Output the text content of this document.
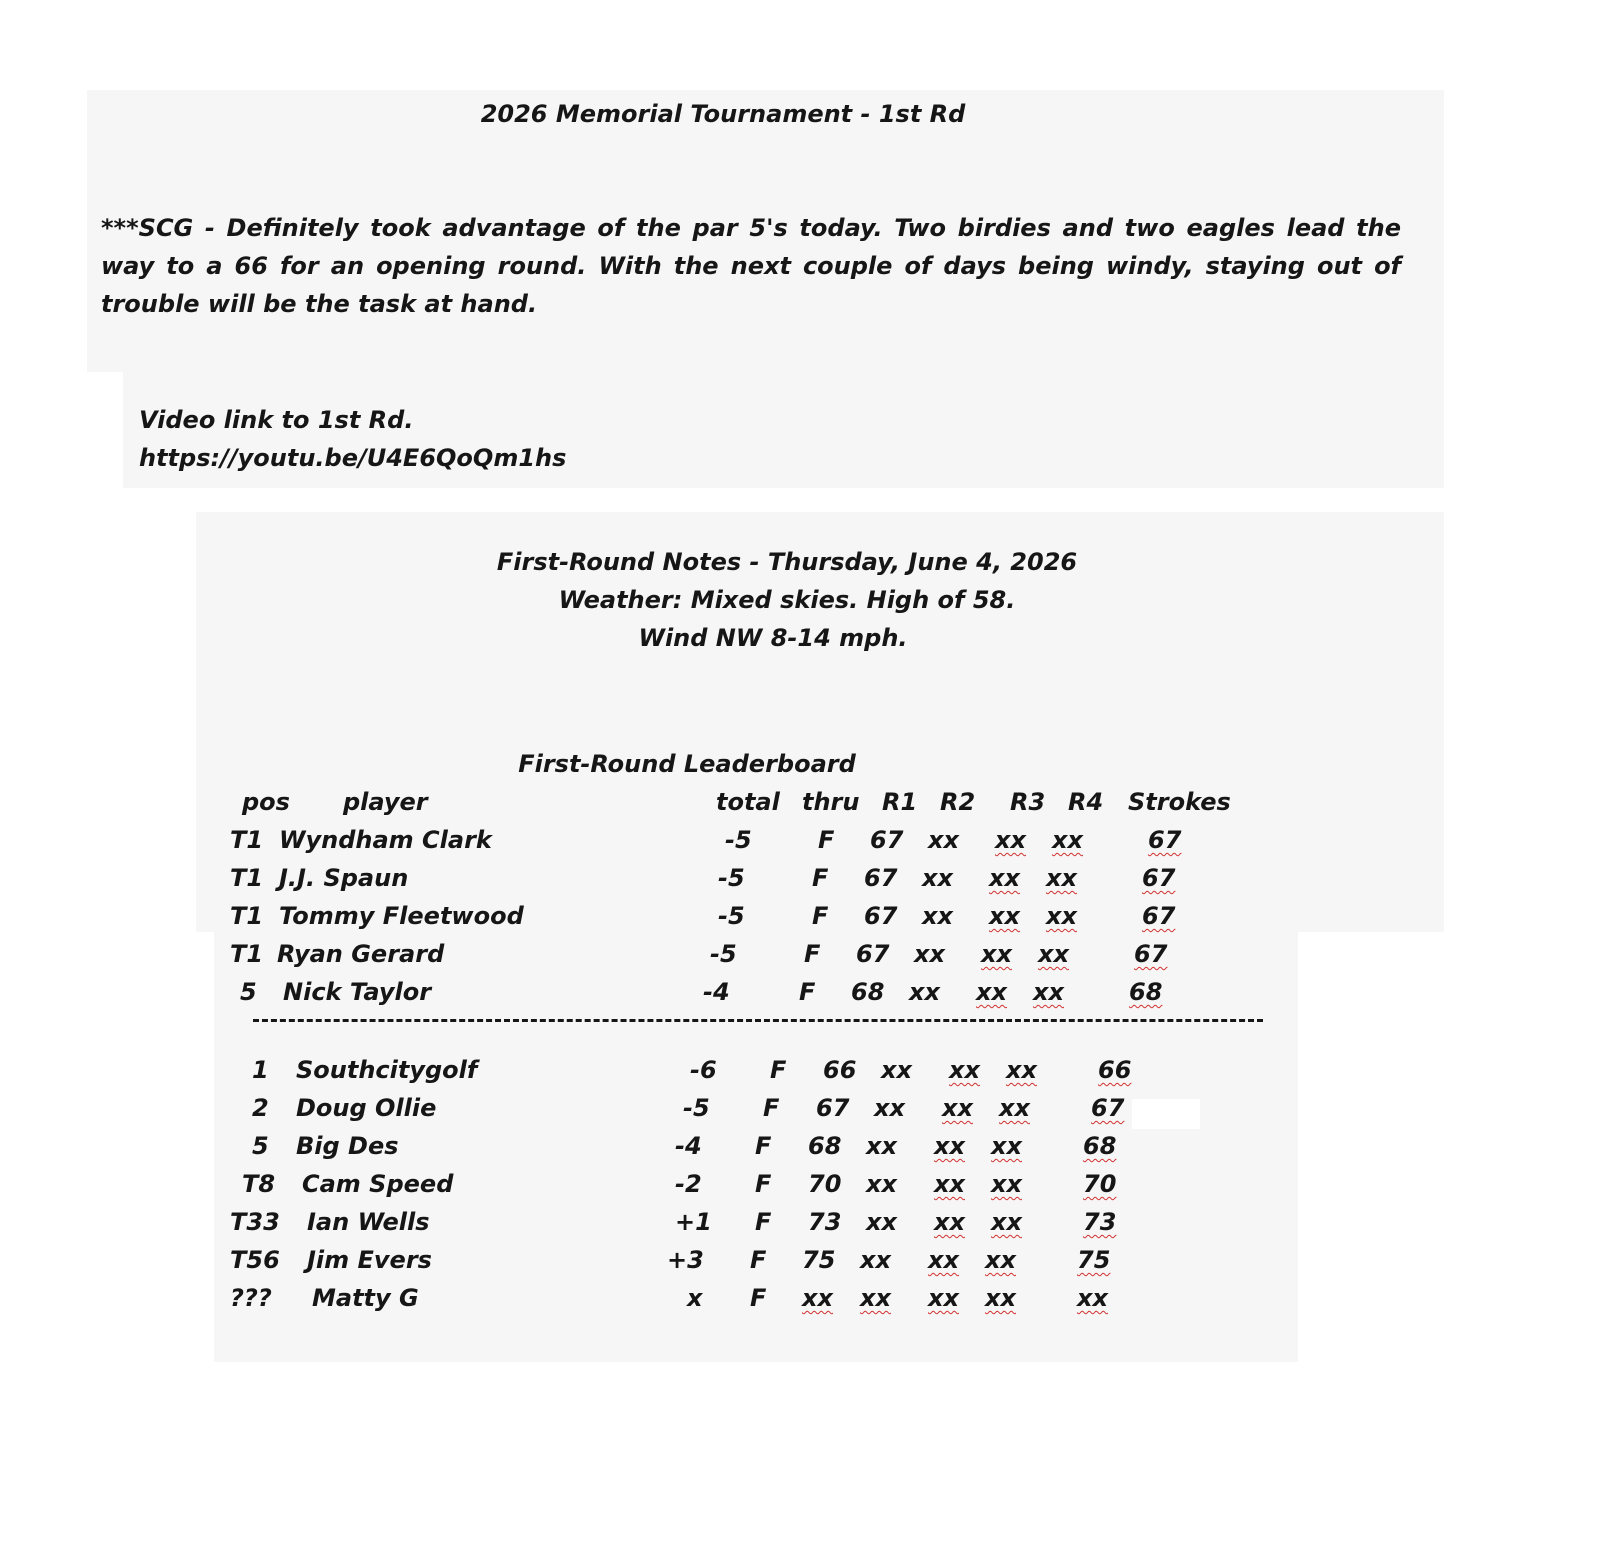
2026 Memorial Tournament - 1st Rd
***SCG - Definitely took advantage of the par 5's today. Two birdies and two eagles lead the way to a 66 for an opening round. With the next couple of days being windy, staying out of trouble will be the task at hand.
Video link to 1st Rd.
https://youtu.be/U4E6QoQm1hs
First-Round Notes - Thursday, June 4, 2026
Weather: Mixed skies. High of 58.
Wind NW 8-14 mph.
First-Round Leaderboard
pos player	total thru R1 R2 R3 R4 Strokes
T1 Wyndham Clark	-5	F 67 xx xx xx	67
T1 J.J. Spaun	-5	F 67 xx xx xx	67
T1 Tommy Fleetwood	-5	F 67 xx xx xx	67
T1 Ryan Gerard	-5	F 67 xx xx xx	67
5 Nick Taylor	-4	F 68 xx xx xx	68
1 Southcitygolf	-6 F 66 xx xx xx	66
2 Doug Ollie	-5 F 67 xx xx xx	67
5 Big Des	-4 F 68 xx xx xx	68
T8 Cam Speed	-2 F 70 xx xx xx	70
T33 Ian Wells	+1 F 73 xx xx xx	73
T56 Jim Evers	+3 F 75 xx xx xx	75
??? Matty G	x F xx xx xx xx	xx
